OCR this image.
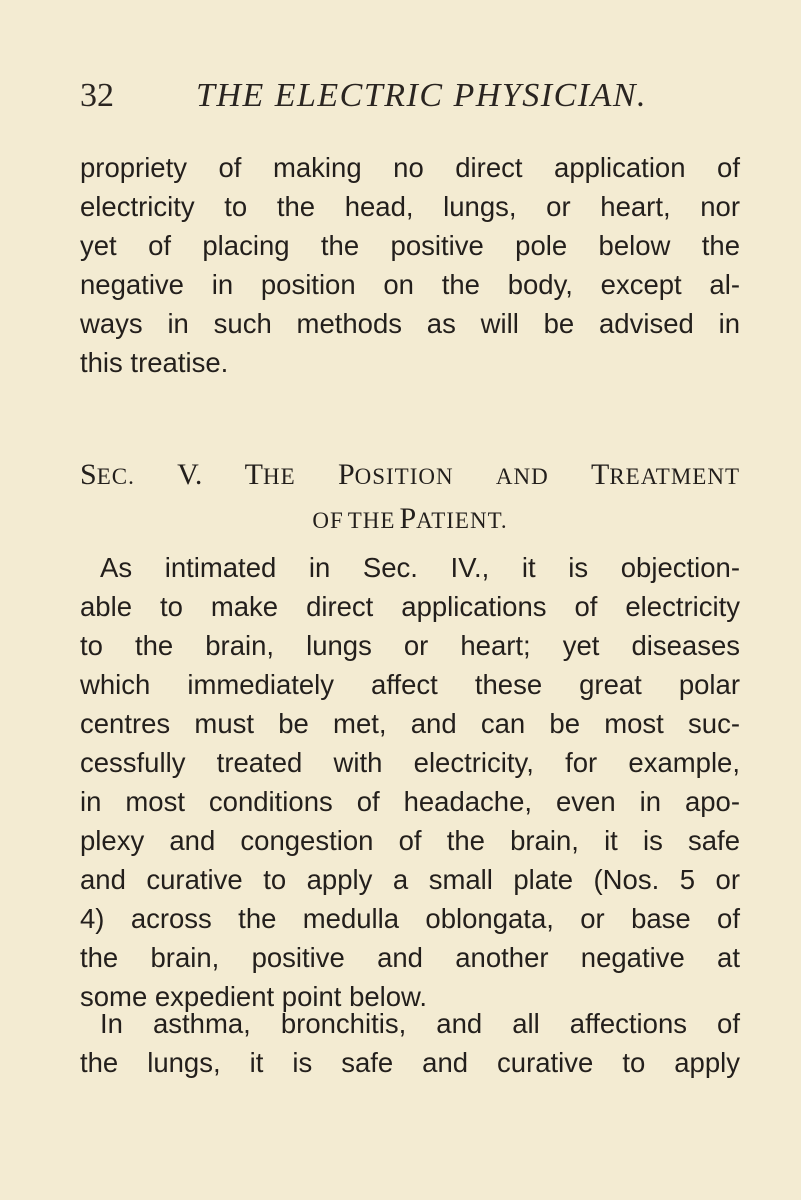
32 THE ELECTRIC PHYSICIAN.
propriety of making no direct application of
electricity to the head, lungs, or heart, nor
yet of placing the positive pole below the
negative in position on the body, except al-
ways in such methods as will be advised in
this treatise.
SEC. V. THE POSITION AND TREATMENT
OF THE PATIENT.
As intimated in Sec. IV., it is objection-
able to make direct applications of electricity
to the brain, lungs or heart; yet diseases
which immediately affect these great polar
centres must be met, and can be most suc-
cessfully treated with electricity, for example,
in most conditions of headache, even in apo-
plexy and congestion of the brain, it is safe
and curative to apply a small plate (Nos. 5 or
4) across the medulla oblongata, or base of
the brain, positive and another negative at
some expedient point below.
In asthma, bronchitis, and all affections of
the lungs, it is safe and curative to apply
